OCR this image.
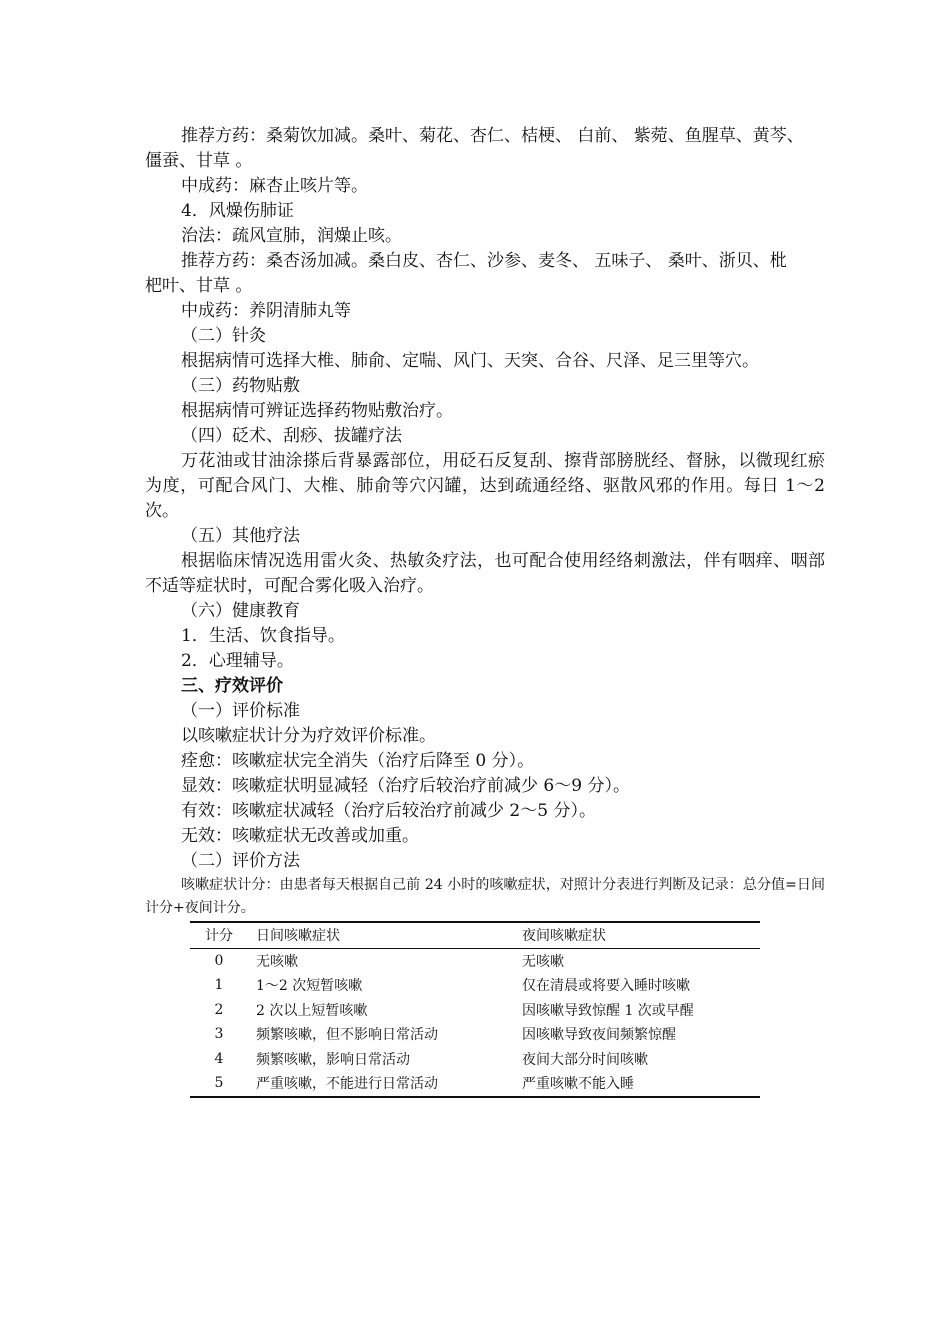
推荐方药：桑菊饮加减。桑叶、菊花、杏仁、桔梗、 白前、 紫菀、鱼腥草、黄芩、
僵蚕、甘草 。
中成药：麻杏止咳片等。
4．风燥伤肺证
治法：疏风宣肺，润燥止咳。
推荐方药：桑杏汤加减。桑白皮、杏仁、沙参、麦冬、 五味子、 桑叶、浙贝、枇
杷叶、甘草 。
中成药：养阴清肺丸等
（二）针灸
根据病情可选择大椎、肺俞、定喘、风门、天突、合谷、尺泽、足三里等穴。
（三）药物贴敷
根据病情可辨证选择药物贴敷治疗。
（四）砭术、刮痧、拔罐疗法
万花油或甘油涂搽后背暴露部位，用砭石反复刮、擦背部膀胱经、督脉，以微现红瘀为度，可配合风门、大椎、肺俞等穴闪罐，达到疏通经络、驱散风邪的作用。每日 1～2 次。
（五）其他疗法
根据临床情况选用雷火灸、热敏灸疗法，也可配合使用经络刺激法，伴有咽痒、咽部不适等症状时，可配合雾化吸入治疗。
（六）健康教育
1．生活、饮食指导。
2．心理辅导。
三、疗效评价
（一）评价标准
以咳嗽症状计分为疗效评价标准。
痊愈：咳嗽症状完全消失（治疗后降至 0 分）。
显效：咳嗽症状明显减轻（治疗后较治疗前减少 6～9 分）。
有效：咳嗽症状减轻（治疗后较治疗前减少 2～5 分）。
无效：咳嗽症状无改善或加重。
（二）评价方法
咳嗽症状计分：由患者每天根据自己前 24 小时的咳嗽症状，对照计分表进行判断及记录：总分值=日间计分+夜间计分。
计分	日间咳嗽症状	夜间咳嗽症状
0	无咳嗽	无咳嗽
1	1～2 次短暂咳嗽	仅在清晨或将要入睡时咳嗽
2	2 次以上短暂咳嗽	因咳嗽导致惊醒 1 次或早醒
3	频繁咳嗽，但不影响日常活动	因咳嗽导致夜间频繁惊醒
4	频繁咳嗽，影响日常活动	夜间大部分时间咳嗽
5	严重咳嗽，不能进行日常活动	严重咳嗽不能入睡
